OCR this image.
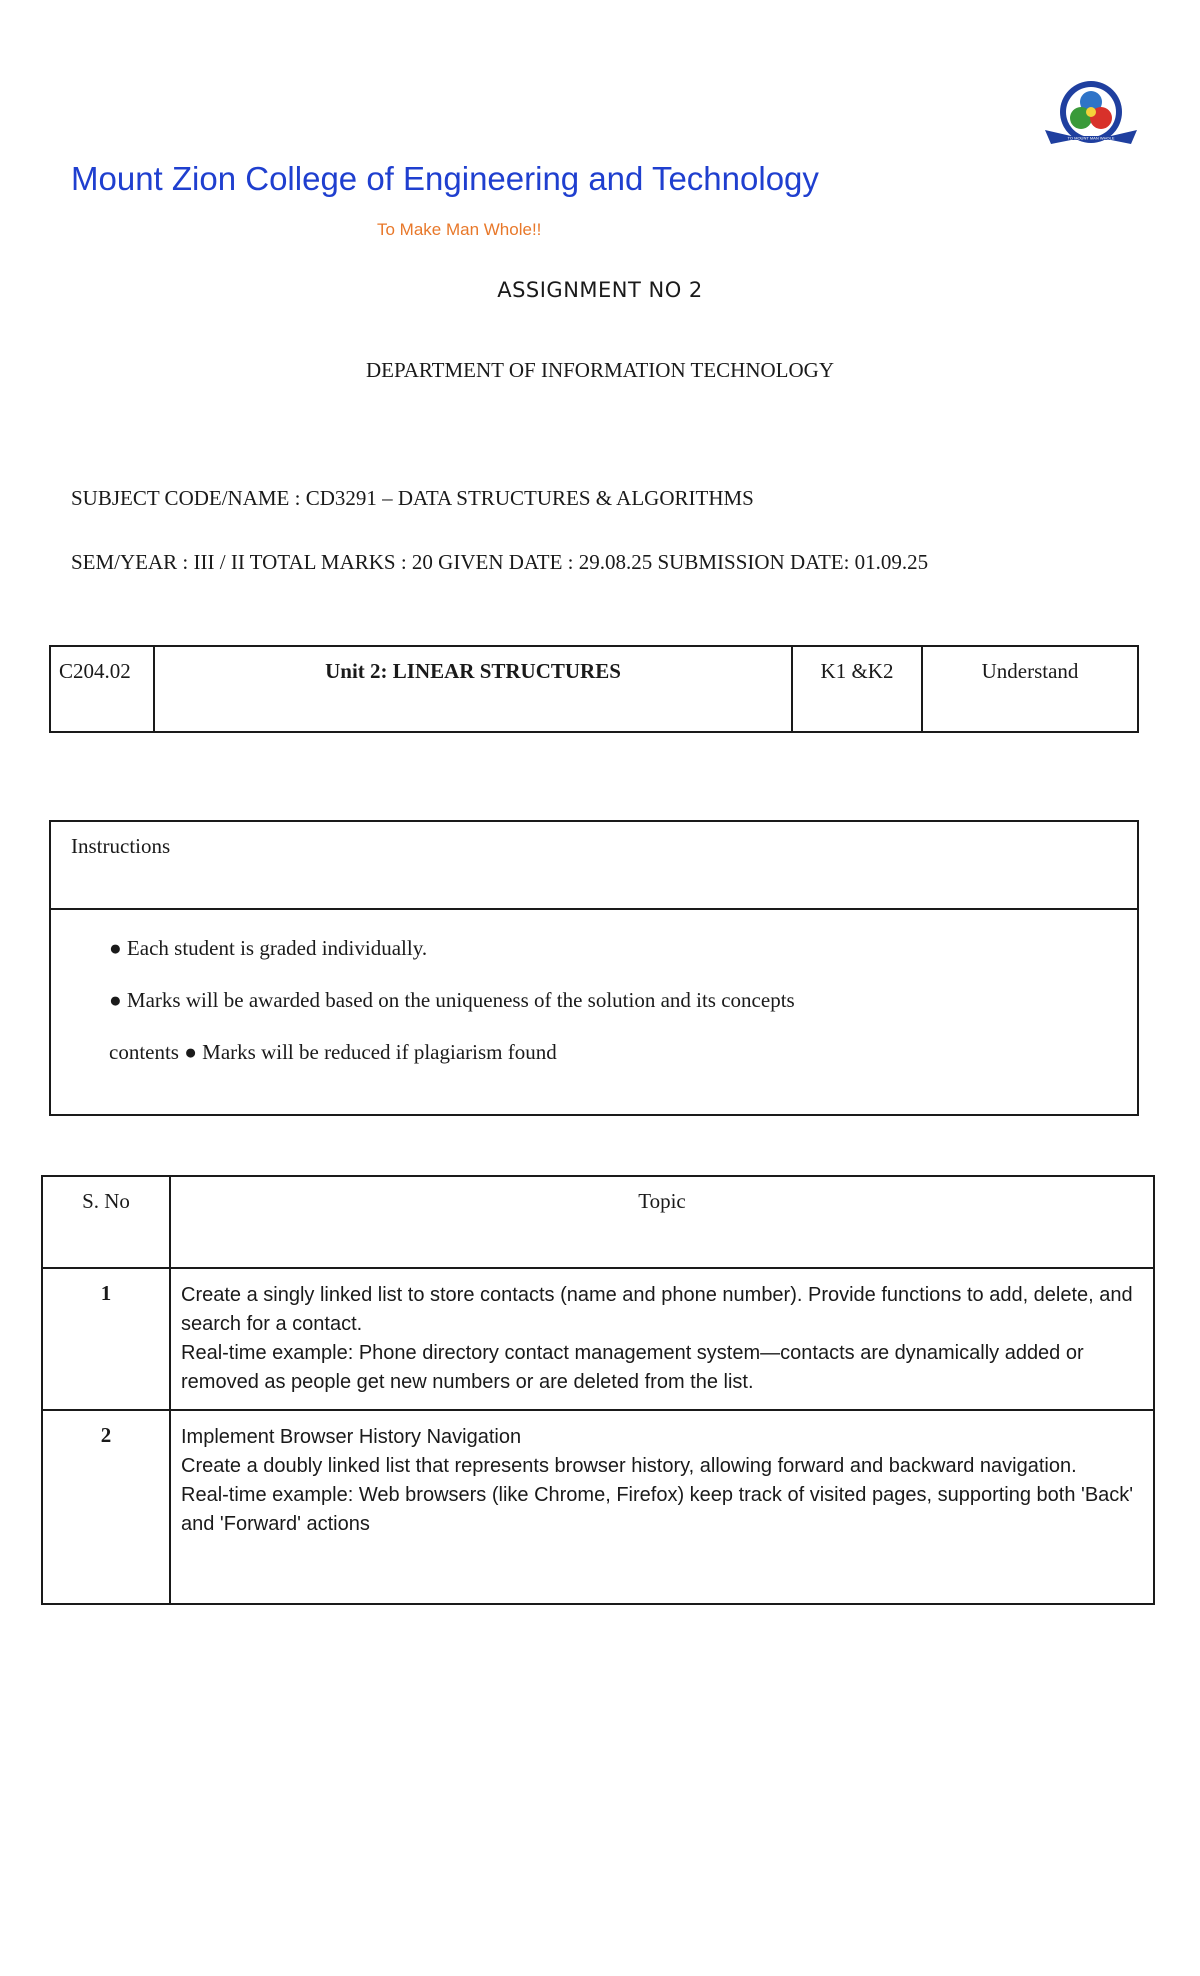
TO MOUNT MAN WHOLE
Mount Zion College of Engineering and Technology
To Make Man Whole!!
ASSIGNMENT NO 2
DEPARTMENT OF INFORMATION TECHNOLOGY
SUBJECT CODE/NAME : CD3291 – DATA STRUCTURES & ALGORITHMS
SEM/YEAR : III / II TOTAL MARKS : 20 GIVEN DATE : 29.08.25 SUBMISSION DATE: 01.09.25
C204.02	Unit 2: LINEAR STRUCTURES	K1 &K2	Understand
Instructions

● Each student is graded individually.
● Marks will be awarded based on the uniqueness of the solution and its concepts
contents ● Marks will be reduced if plagiarism found
S. No	Topic
1	Create a singly linked list to store contacts (name and phone number). Provide functions to add, delete, and search for a contact.
Real-time example: Phone directory contact management system—contacts are dynamically added or removed as people get new numbers or are deleted from the list.

2	Implement Browser History Navigation
Create a doubly linked list that represents browser history, allowing forward and backward navigation.
Real-time example: Web browsers (like Chrome, Firefox) keep track of visited pages, supporting both 'Back' and 'Forward' actions
